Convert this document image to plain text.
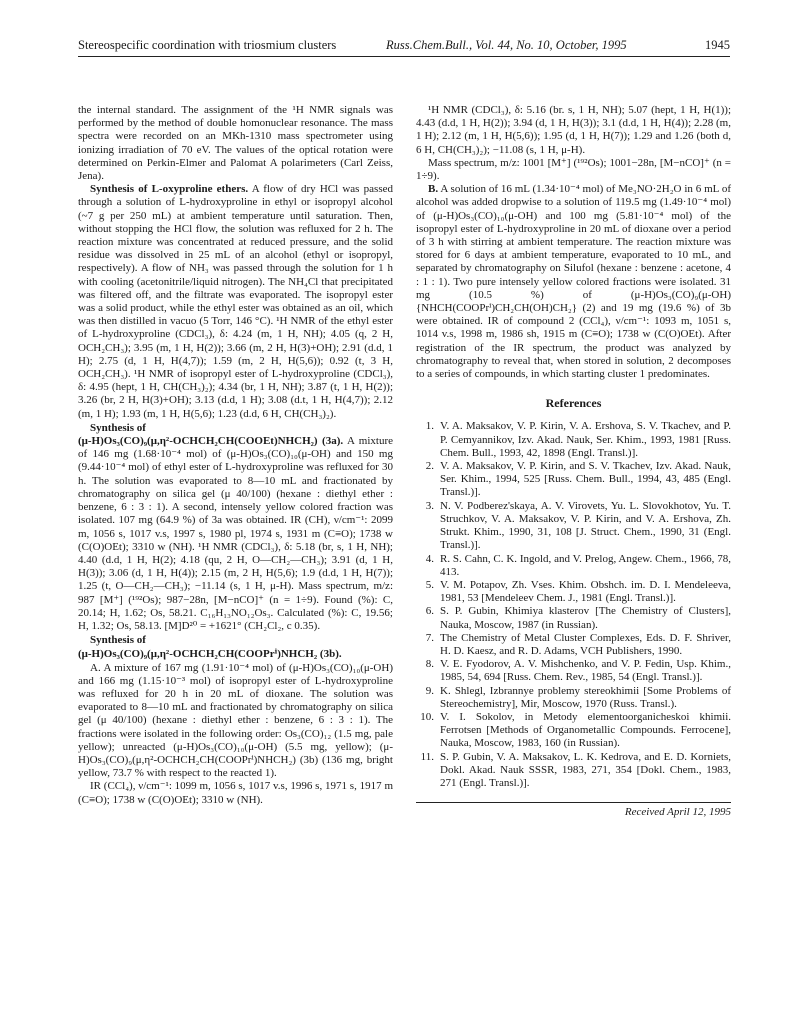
Stereospecific coordination with triosmium clusters	Russ.Chem.Bull., Vol. 44, No. 10, October, 1995	1945

the internal standard. The assignment of the ¹H NMR signals was performed by the method of double homonuclear resonance. The mass spectra were recorded on an MKh-1310 mass spectrometer using ionizing irradiation of 70 eV. The values of the optical rotation were determined on Perkin-Elmer and Palomat A polarimeters (Carl Zeiss, Jena).

Synthesis of L-oxyproline ethers. A flow of dry HCl was passed through a solution of L-hydroxyproline in ethyl or isopropyl alcohol (~7 g per 250 mL) at ambient temperature until saturation. Then, without stopping the HCl flow, the solution was refluxed for 2 h. The reaction mixture was concentrated at reduced pressure, and the solid residue was dissolved in 25 mL of an alcohol (ethyl or isopropyl, respectively). A flow of NH₃ was passed through the solution for 1 h with cooling (acetonitrile/liquid nitrogen). The NH₄Cl that precipitated was filtered off, and the filtrate was evaporated. The isopropyl ester was a solid product, while the ethyl ester was obtained as an oil, which was then distilled in vacuo (5 Torr, 146 °C). ¹H NMR of the ethyl ester of L-hydroxyproline (CDCl₃), δ: 4.24 (m, 1 H, NH); 4.05 (q, 2 H, OCH₂CH₃); 3.95 (m, 1 H, H(2)); 3.66 (m, 2 H, H(3)+OH); 2.91 (d.d, 1 H); 2.75 (d, 1 H, H(4,7)); 1.59 (m, 2 H, H(5,6)); 0.92 (t, 3 H, OCH₂CH₃). ¹H NMR of isopropyl ester of L-hydroxyproline (CDCl₃), δ: 4.95 (hept, 1 H, CH(CH₃)₂); 4.34 (br, 1 H, NH); 3.87 (t, 1 H, H(2)); 3.26 (br, 2 H, H(3)+OH); 3.13 (d.d, 1 H); 3.08 (d.t, 1 H, H(4,7)); 2.12 (m, 1 H); 1.93 (m, 1 H, H(5,6); 1.23 (d.d, 6 H, CH(CH₃)₂).

Synthesis of

(μ-H)Os₃(CO)₉(μ,η²-OCHCH₂CH(COOEt)NHCH₂) (3a). A mixture of 146 mg (1.68·10⁻⁴ mol) of (μ-H)Os₃(CO)₁₀(μ-OH) and 150 mg (9.44·10⁻⁴ mol) of ethyl ester of L-hydroxyproline was refluxed for 30 h. The solution was evaporated to 8—10 mL and fractionated by chromatography on silica gel (μ 40/100) (hexane : diethyl ether : benzene, 6 : 3 : 1). A second, intensely yellow colored fraction was isolated. 107 mg (64.9 %) of 3a was obtained. IR (CH), ν/cm⁻¹: 2099 m, 1056 s, 1017 v.s, 1997 s, 1980 pl, 1974 s, 1931 m (C≡O); 1738 w (C(O)OEt); 3310 w (NH). ¹H NMR (CDCl₃), δ: 5.18 (br, s, 1 H, NH); 4.40 (d.d, 1 H, H(2); 4.18 (qu, 2 H, O—CH₂—CH₃); 3.91 (d, 1 H, H(3)); 3.06 (d, 1 H, H(4)); 2.15 (m, 2 H, H(5,6); 1.9 (d.d, 1 H, H(7)); 1.25 (t, O—CH₂—CH₃); −11.14 (s, 1 H, μ-H). Mass spectrum, m/z: 987 [M⁺] (¹⁹²Os); 987−28n, [M−nCO]⁺ (n = 1÷9). Found (%): C, 20.14; H, 1.62; Os, 58.21. C₁₆H₁₃NO₁₂Os₃. Calculated (%): C, 19.56; H, 1.32; Os, 58.13. [M]D²⁰ = +1621° (CH₂Cl₂, c 0.35).

Synthesis of
(μ-H)Os₃(CO)₉(μ,η²-OCHCH₂CH(COOPrⁱ)NHCH₂ (3b).

A. A mixture of 167 mg (1.91·10⁻⁴ mol) of (μ-H)Os₃(CO)₁₀(μ-OH) and 166 mg (1.15·10⁻³ mol) of isopropyl ester of L-hydroxyproline was refluxed for 20 h in 20 mL of dioxane. The solution was evaporated to 8—10 mL and fractionated by chromatography on silica gel (μ 40/100) (hexane : diethyl ether : benzene, 6 : 3 : 1). The fractions were isolated in the following order: Os₃(CO)₁₂ (1.5 mg, pale yellow); unreacted (μ-H)Os₃(CO)₁₀(μ-OH) (5.5 mg, yellow); (μ-H)Os₃(CO)₉(μ,η²-OCHCH₂CH(COOPrⁱ)NHCH₂) (3b) (136 mg, bright yellow, 73.7 % with respect to the reacted 1).

IR (CCl₄), ν/cm⁻¹: 1099 m, 1056 s, 1017 v.s, 1996 s, 1971 s, 1917 m (C≡O); 1738 w (C(O)OEt); 3310 w (NH).

¹H NMR (CDCl₃), δ: 5.16 (br. s, 1 H, NH); 5.07 (hept, 1 H, H(1)); 4.43 (d.d, 1 H, H(2)); 3.94 (d, 1 H, H(3)); 3.1 (d.d, 1 H, H(4)); 2.28 (m, 1 H); 2.12 (m, 1 H, H(5,6)); 1.95 (d, 1 H, H(7)); 1.29 and 1.26 (both d, 6 H, CH(CH₃)₂); −11.08 (s, 1 H, μ-H).

Mass spectrum, m/z: 1001 [M⁺] (¹⁹²Os); 1001−28n, [M−nCO]⁺ (n = 1÷9).

B. A solution of 16 mL (1.34·10⁻⁴ mol) of Me₃NO·2H₂O in 6 mL of alcohol was added dropwise to a solution of 119.5 mg (1.49·10⁻⁴ mol) of (μ-H)Os₃(CO)₁₀(μ-OH) and 100 mg (5.81·10⁻⁴ mol) of the isopropyl ester of L-hydroxyproline in 20 mL of dioxane over a period of 3 h with stirring at ambient temperature. The reaction mixture was stored for 6 days at ambient temperature, evaporated to 10 mL, and separated by chromatography on Silufol (hexane : benzene : acetone, 4 : 1 : 1). Two pure intensely yellow colored fractions were isolated. 31 mg (10.5 %) of (μ-H)Os₃(CO)₉(μ-OH) {NHCH(COOPrⁱ)CH₂CH(OH)CH₂} (2) and 19 mg (19.6 %) of 3b were obtained. IR of compound 2 (CCl₄), ν/cm⁻¹: 1093 m, 1051 s, 1014 v.s, 1998 m, 1986 sh, 1915 m (C≡O); 1738 w (C(O)OEt). After registration of the IR spectrum, the product was analyzed by chromatography to reveal that, when stored in solution, 2 decomposes to a series of compounds, in which starting cluster 1 predominates.

References
1. V. A. Maksakov, V. P. Kirin, V. A. Ershova, S. V. Tkachev, and P. P. Cemyannikov, Izv. Akad. Nauk, Ser. Khim., 1993, 1981 [Russ. Chem. Bull., 1993, 42, 1898 (Engl. Transl.)].
2. V. A. Maksakov, V. P. Kirin, and S. V. Tkachev, Izv. Akad. Nauk, Ser. Khim., 1994, 525 [Russ. Chem. Bull., 1994, 43, 485 (Engl. Transl.)].
3. N. V. Podberez'skaya, A. V. Virovets, Yu. L. Slovokhotov, Yu. T. Struchkov, V. A. Maksakov, V. P. Kirin, and V. A. Ershova, Zh. Strukt. Khim., 1990, 31, 108 [J. Struct. Chem., 1990, 31 (Engl. Transl.)].
4. R. S. Cahn, C. K. Ingold, and V. Prelog, Angew. Chem., 1966, 78, 413.
5. V. M. Potapov, Zh. Vses. Khim. Obshch. im. D. I. Mendeleeva, 1981, 53 [Mendeleev Chem. J., 1981 (Engl. Transl.)].
6. S. P. Gubin, Khimiya klasterov [The Chemistry of Clusters], Nauka, Moscow, 1987 (in Russian).
7. The Chemistry of Metal Cluster Complexes, Eds. D. F. Shriver, H. D. Kaesz, and R. D. Adams, VCH Publishers, 1990.
8. V. E. Fyodorov, A. V. Mishchenko, and V. P. Fedin, Usp. Khim., 1985, 54, 694 [Russ. Chem. Rev., 1985, 54 (Engl. Transl.)].
9. K. Shlegl, Izbrannye problemy stereokhimii [Some Problems of Stereochemistry], Mir, Moscow, 1970 (Russ. Transl.).
10. V. I. Sokolov, in Metody elementoorganicheskoi khimii. Ferrotsen [Methods of Organometallic Compounds. Ferrocene], Nauka, Moscow, 1983, 160 (in Russian).
11. S. P. Gubin, V. A. Maksakov, L. K. Kedrova, and E. D. Korniets, Dokl. Akad. Nauk SSSR, 1983, 271, 354 [Dokl. Chem., 1983, 271 (Engl. Transl.)].
Received April 12, 1995
